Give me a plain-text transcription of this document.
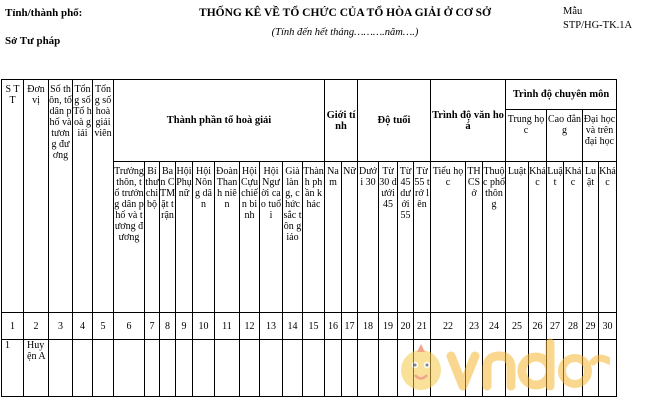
Tỉnh/thành phố:
Sở Tư pháp
THỐNG KÊ VỀ TỔ CHỨC CỦA TỔ HÒA GIẢI Ở CƠ SỞ
(Tính đến hết tháng……….năm….)
Mẫu
STP/HG-TK.1A
S T T	Đơn vị	Số thôn, tổ dân phố và tương đương	Tổng số Tổ hoà giải	Tổng số hoà giải viên	Thành phần tổ hoà giải										Giới tính		Độ tuổi				Trình độ văn hoá			Trình độ chuyên môn					
																								Trung học		Cao đẳng		Đại học và trên đại học	
					Trưởng thôn, tổ trưởng dân phố và tương đương	Bí thư chi bộ	Ban CTMặt trận	Hội Phụ nữ	Hội Nông dân	Đoàn Thanh niên	Hội Cựu chiến binh	Hội Người cao tuổi	Già làng, chức sắc tôn giáo	Thành phần khác	Nam	Nữ	Dưới 30	Từ 30 dưới 45	Từ 45 dưới 55	Từ 55 trở lên	Tiểu học	THCS ở	Thuộc phổ thông	Luật	Khác	Luật	Khác	Luật	Khác
1	2	3	4	5	6	7	8	9	10	11	12	13	14	15	16	17	18	19	20	21	22	23	24	25	26	27	28	29	30
1	Huyện A																												
